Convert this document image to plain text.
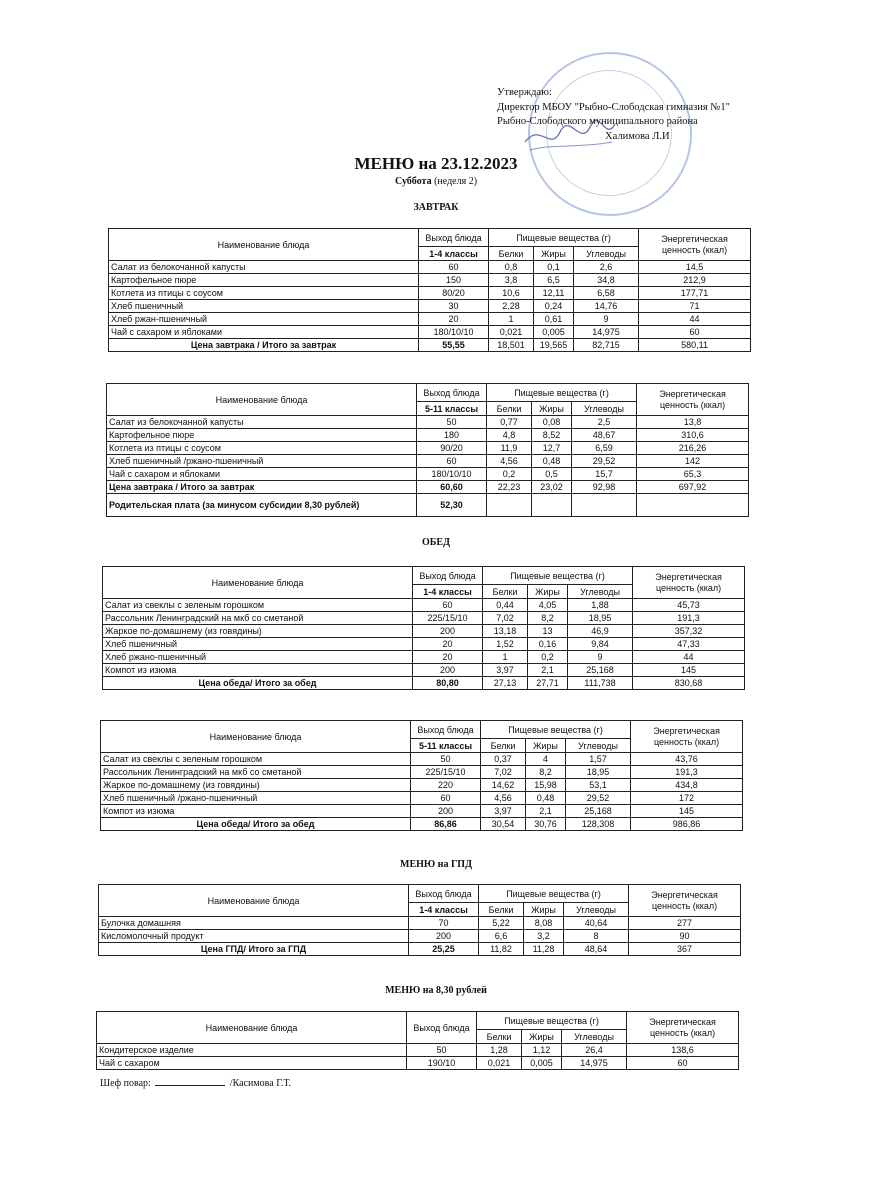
Утверждаю:
Директор МБОУ "Рыбно-Слободская гимназия №1"
Рыбно-Слободского муниципального района
Халимова Л.И
МЕНЮ на 23.12.2023
Суббота (неделя 2)
ЗАВТРАК
ОБЕД
МЕНЮ на ГПД
МЕНЮ на 8,30 рублей
Наименование блюда	Выход блюда	Пищевые вещества (г)			Энергетическая
ценность (ккал)

	1-4 классы	Белки	Жиры	Углеводы	
Салат из белокочанной капусты	60	0,8	0,1	2,6	14,5
Картофельное пюре	150	3,8	6,5	34,8	212,9
Котлета из птицы с соусом	80/20	10,6	12,11	6,58	177,71
Хлеб пшеничный	30	2,28	0,24	14,76	71
Хлеб ржан-пшеничный	20	1	0,61	9	44
Чай с сахаром и яблоками	180/10/10	0,021	0,005	14,975	60
Цена завтрака / Итого за завтрак	55,55	18,501	19,565	82,715	580,11
Наименование блюда	Выход блюда	Пищевые вещества (г)			Энергетическая
ценность (ккал)

	5-11 классы	Белки	Жиры	Углеводы	
Салат из белокочанной капусты	50	0,77	0,08	2,5	13,8
Картофельное пюре	180	4,8	8,52	48,67	310,6
Котлета из птицы с соусом	90/20	11,9	12,7	6,59	216,26
Хлеб пшеничный /ржано-пшеничный	60	4,56	0,48	29,52	142
Чай с сахаром и яблоками	180/10/10	0,2	0,5	15,7	65,3
Цена завтрака / Итого за завтрак	60,60	22,23	23,02	92,98	697,92
Родительская плата (за минусом субсидии 8,30 рублей)	52,30				
Наименование блюда	Выход блюда	Пищевые вещества (г)			Энергетическая
ценность (ккал)

	1-4 классы	Белки	Жиры	Углеводы	
Салат из свеклы с зеленым горошком	60	0,44	4,05	1,88	45,73
Рассольник Ленинградский на мкб со сметаной	225/15/10	7,02	8,2	18,95	191,3
Жаркое по-домашнему (из говядины)	200	13,18	13	46,9	357,32
Хлеб пшеничный	20	1,52	0,16	9,84	47,33
Хлеб ржано-пшеничный	20	1	0,2	9	44
Компот из изюма	200	3,97	2,1	25,168	145
Цена обеда/ Итого за обед	80,80	27,13	27,71	111,738	830,68
Наименование блюда	Выход блюда	Пищевые вещества (г)			Энергетическая
ценность (ккал)

	5-11 классы	Белки	Жиры	Углеводы	
Салат из свеклы с зеленым горошком	50	0,37	4	1,57	43,76
Рассольник Ленинградский на мкб со сметаной	225/15/10	7,02	8,2	18,95	191,3
Жаркое по-домашнему (из говядины)	220	14,62	15,98	53,1	434,8
Хлеб пшеничный /ржано-пшеничный	60	4,56	0,48	29,52	172
Компот из изюма	200	3,97	2,1	25,168	145
Цена обеда/ Итого за обед	86,86	30,54	30,76	128,308	986,86
Наименование блюда	Выход блюда	Пищевые вещества (г)			Энергетическая
ценность (ккал)

	1-4 классы	Белки	Жиры	Углеводы	
Булочка домашняя	70	5,22	8,08	40,64	277
Кисломолочный продукт	200	6,6	3,2	8	90
Цена ГПД/ Итого за ГПД	25,25	11,82	11,28	48,64	367
Наименование блюда	Выход блюда	Пищевые вещества (г)			Энергетическая
ценность (ккал)

		Белки	Жиры	Углеводы	
Кондитерское изделие	50	1,28	1,12	26,4	138,6
Чай с сахаром	190/10	0,021	0,005	14,975	60
Шеф повар:	/Касимова Г.Т.
